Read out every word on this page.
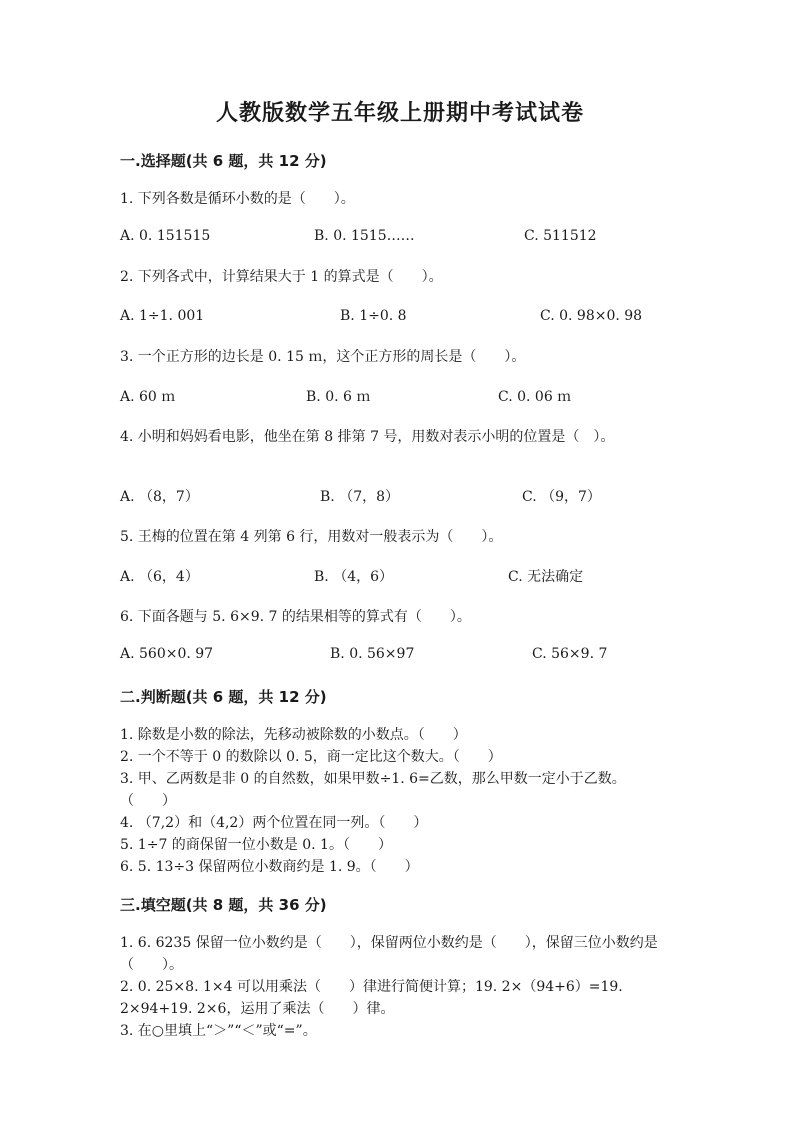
人教版数学五年级上册期中考试试卷
一.选择题(共 6 题，共 12 分)
1. 下列各数是循环小数的是（　　）。
A. 0. 151515	B. 0. 1515……	C. 511512
2. 下列各式中，计算结果大于 1 的算式是（　　）。
A. 1÷1. 001	B. 1÷0. 8	C. 0. 98×0. 98
3. 一个正方形的边长是 0. 15 ｍ，这个正方形的周长是（　　）。
A. 60 ｍ	B. 0. 6 ｍ	C. 0. 06 ｍ
4. 小明和妈妈看电影，他坐在第 8 排第 7 号，用数对表示小明的位置是（　）。
A. （8，7）	B. （7，8）	C. （9，7）
5. 王梅的位置在第 4 列第 6 行，用数对一般表示为（　　）。
A. （6，4）	B. （4，6）	C. 无法确定
6. 下面各题与 5. 6×9. 7 的结果相等的算式有（　　）。
A. 560×0. 97	B. 0. 56×97	C. 56×9. 7
二.判断题(共 6 题，共 12 分)
1. 除数是小数的除法，先移动被除数的小数点。（　　）
2. 一个不等于 0 的数除以 0. 5，商一定比这个数大。（　　）
3. 甲、乙两数是非 0 的自然数，如果甲数÷1. 6=乙数，那么甲数一定小于乙数。（　　）
4. （7,2）和（4,2）两个位置在同一列。（　　）
5. 1÷7 的商保留一位小数是 0. 1。（　　）
6. 5. 13÷3 保留两位小数商约是 1. 9。（　　）
三.填空题(共 8 题，共 36 分)
1. 6. 6235 保留一位小数约是（　　），保留两位小数约是（　　），保留三位小数约是（　　）。
2. 0. 25×8. 1×4 可以用乘法（　　）律进行简便计算；19. 2×（94+6）=19. 2×94+19. 2×6，运用了乘法（　　）律。
3. 在○里填上“＞”“＜”或“=”。
